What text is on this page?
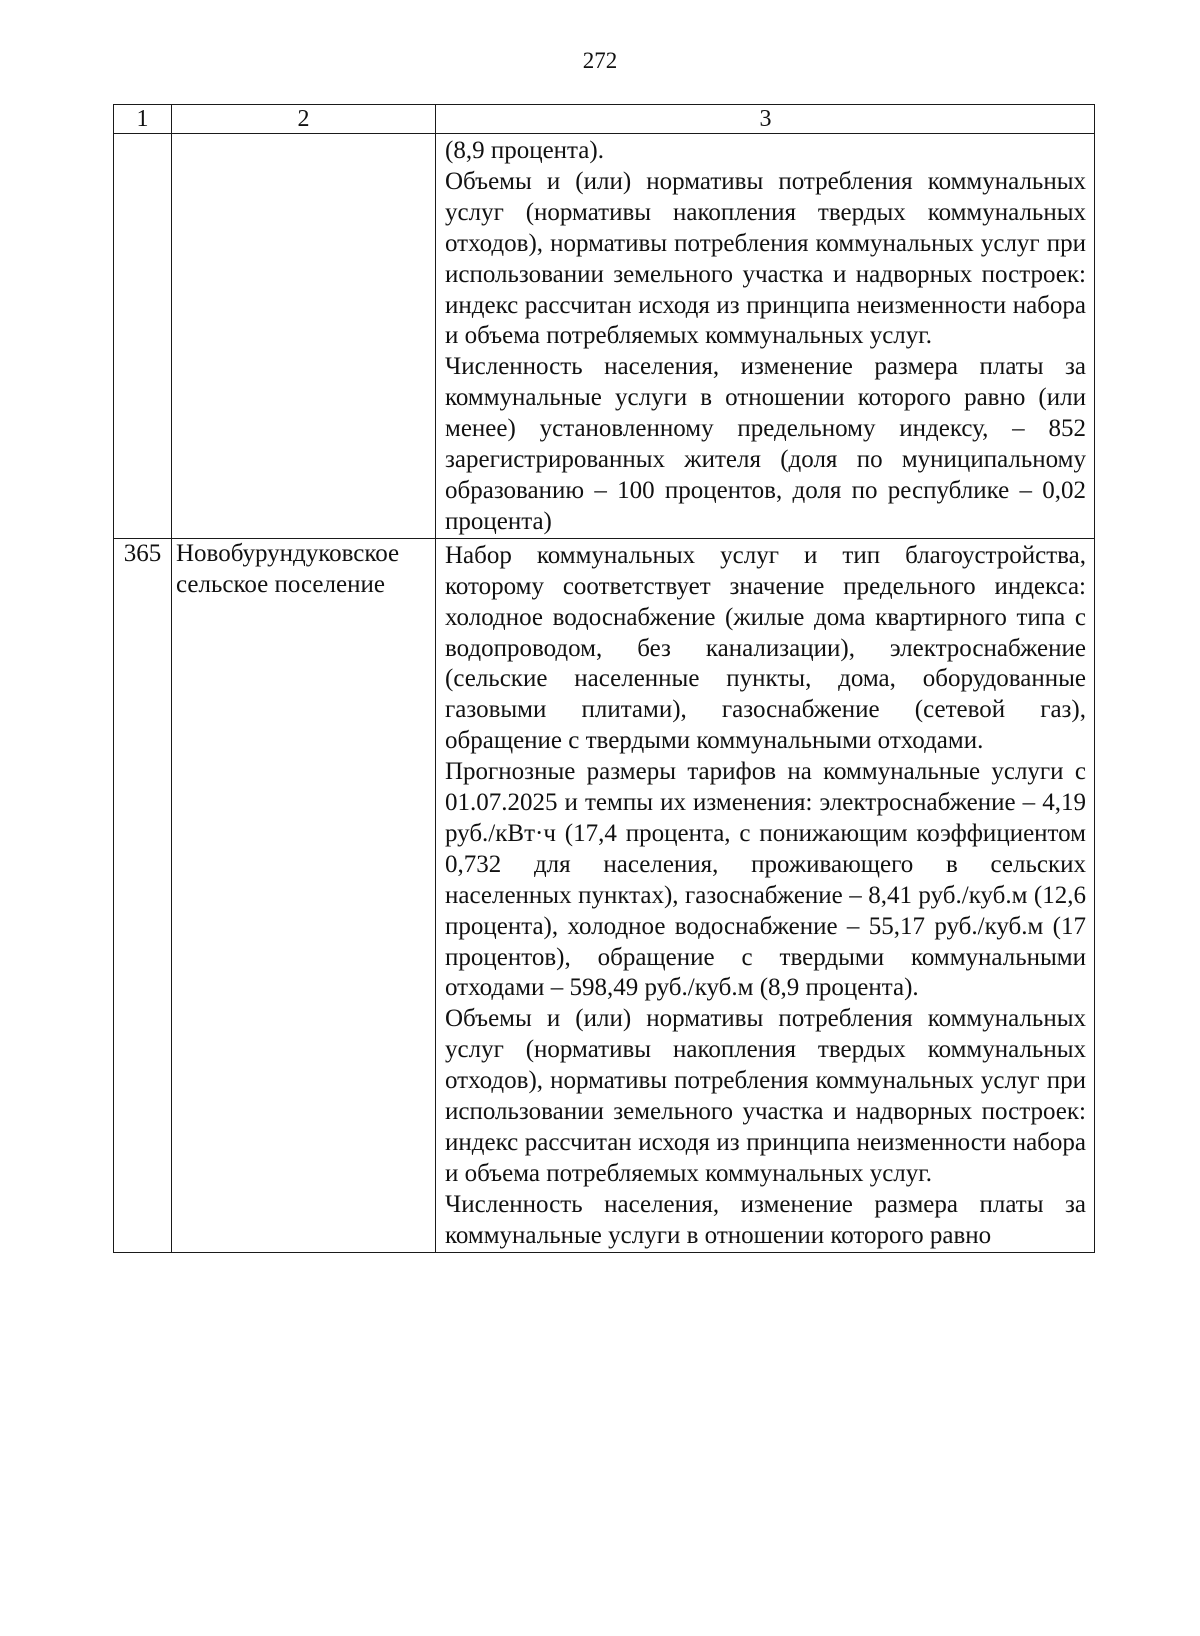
272
1	2	3

		(8,9 процента).

Объемы и (или) нормативы потребления коммунальных услуг (нормативы накопления твердых коммунальных отходов), нормативы потребления коммунальных услуг при использовании земельного участка и надворных построек: индекс рассчитан исходя из принципа неизменности набора и объема потребляемых коммунальных услуг.

Численность населения, изменение размера платы за коммунальные услуги в отношении которого равно (или менее) установленному предельному индексу, – 852 зарегистрированных жителя (доля по муниципальному образованию – 100 процентов, доля по республике – 0,02 процента)

365	Новобурундуковское сельское поселение	Набор коммунальных услуг и тип благоустройства, которому соответствует значение предельного индекса: холодное водоснабжение (жилые дома квартирного типа с водопроводом, без канализации), электроснабжение (сельские населенные пункты, дома, оборудованные газовыми плитами), газоснабжение (сетевой газ), обращение с твердыми коммунальными отходами.

Прогнозные размеры тарифов на коммунальные услуги с 01.07.2025 и темпы их изменения: электроснабжение – 4,19 руб./кВт·ч (17,4 процента, с понижающим коэффициентом 0,732 для населения, проживающего в сельских населенных пунктах), газоснабжение – 8,41 руб./куб.м (12,6 процента), холодное водоснабжение – 55,17 руб./куб.м (17 процентов), обращение с твердыми коммунальными отходами – 598,49 руб./куб.м (8,9 процента).

Объемы и (или) нормативы потребления коммунальных услуг (нормативы накопления твердых коммунальных отходов), нормативы потребления коммунальных услуг при использовании земельного участка и надворных построек: индекс рассчитан исходя из принципа неизменности набора и объема потребляемых коммунальных услуг.

Численность населения, изменение размера платы за коммунальные услуги в отношении которого равно
